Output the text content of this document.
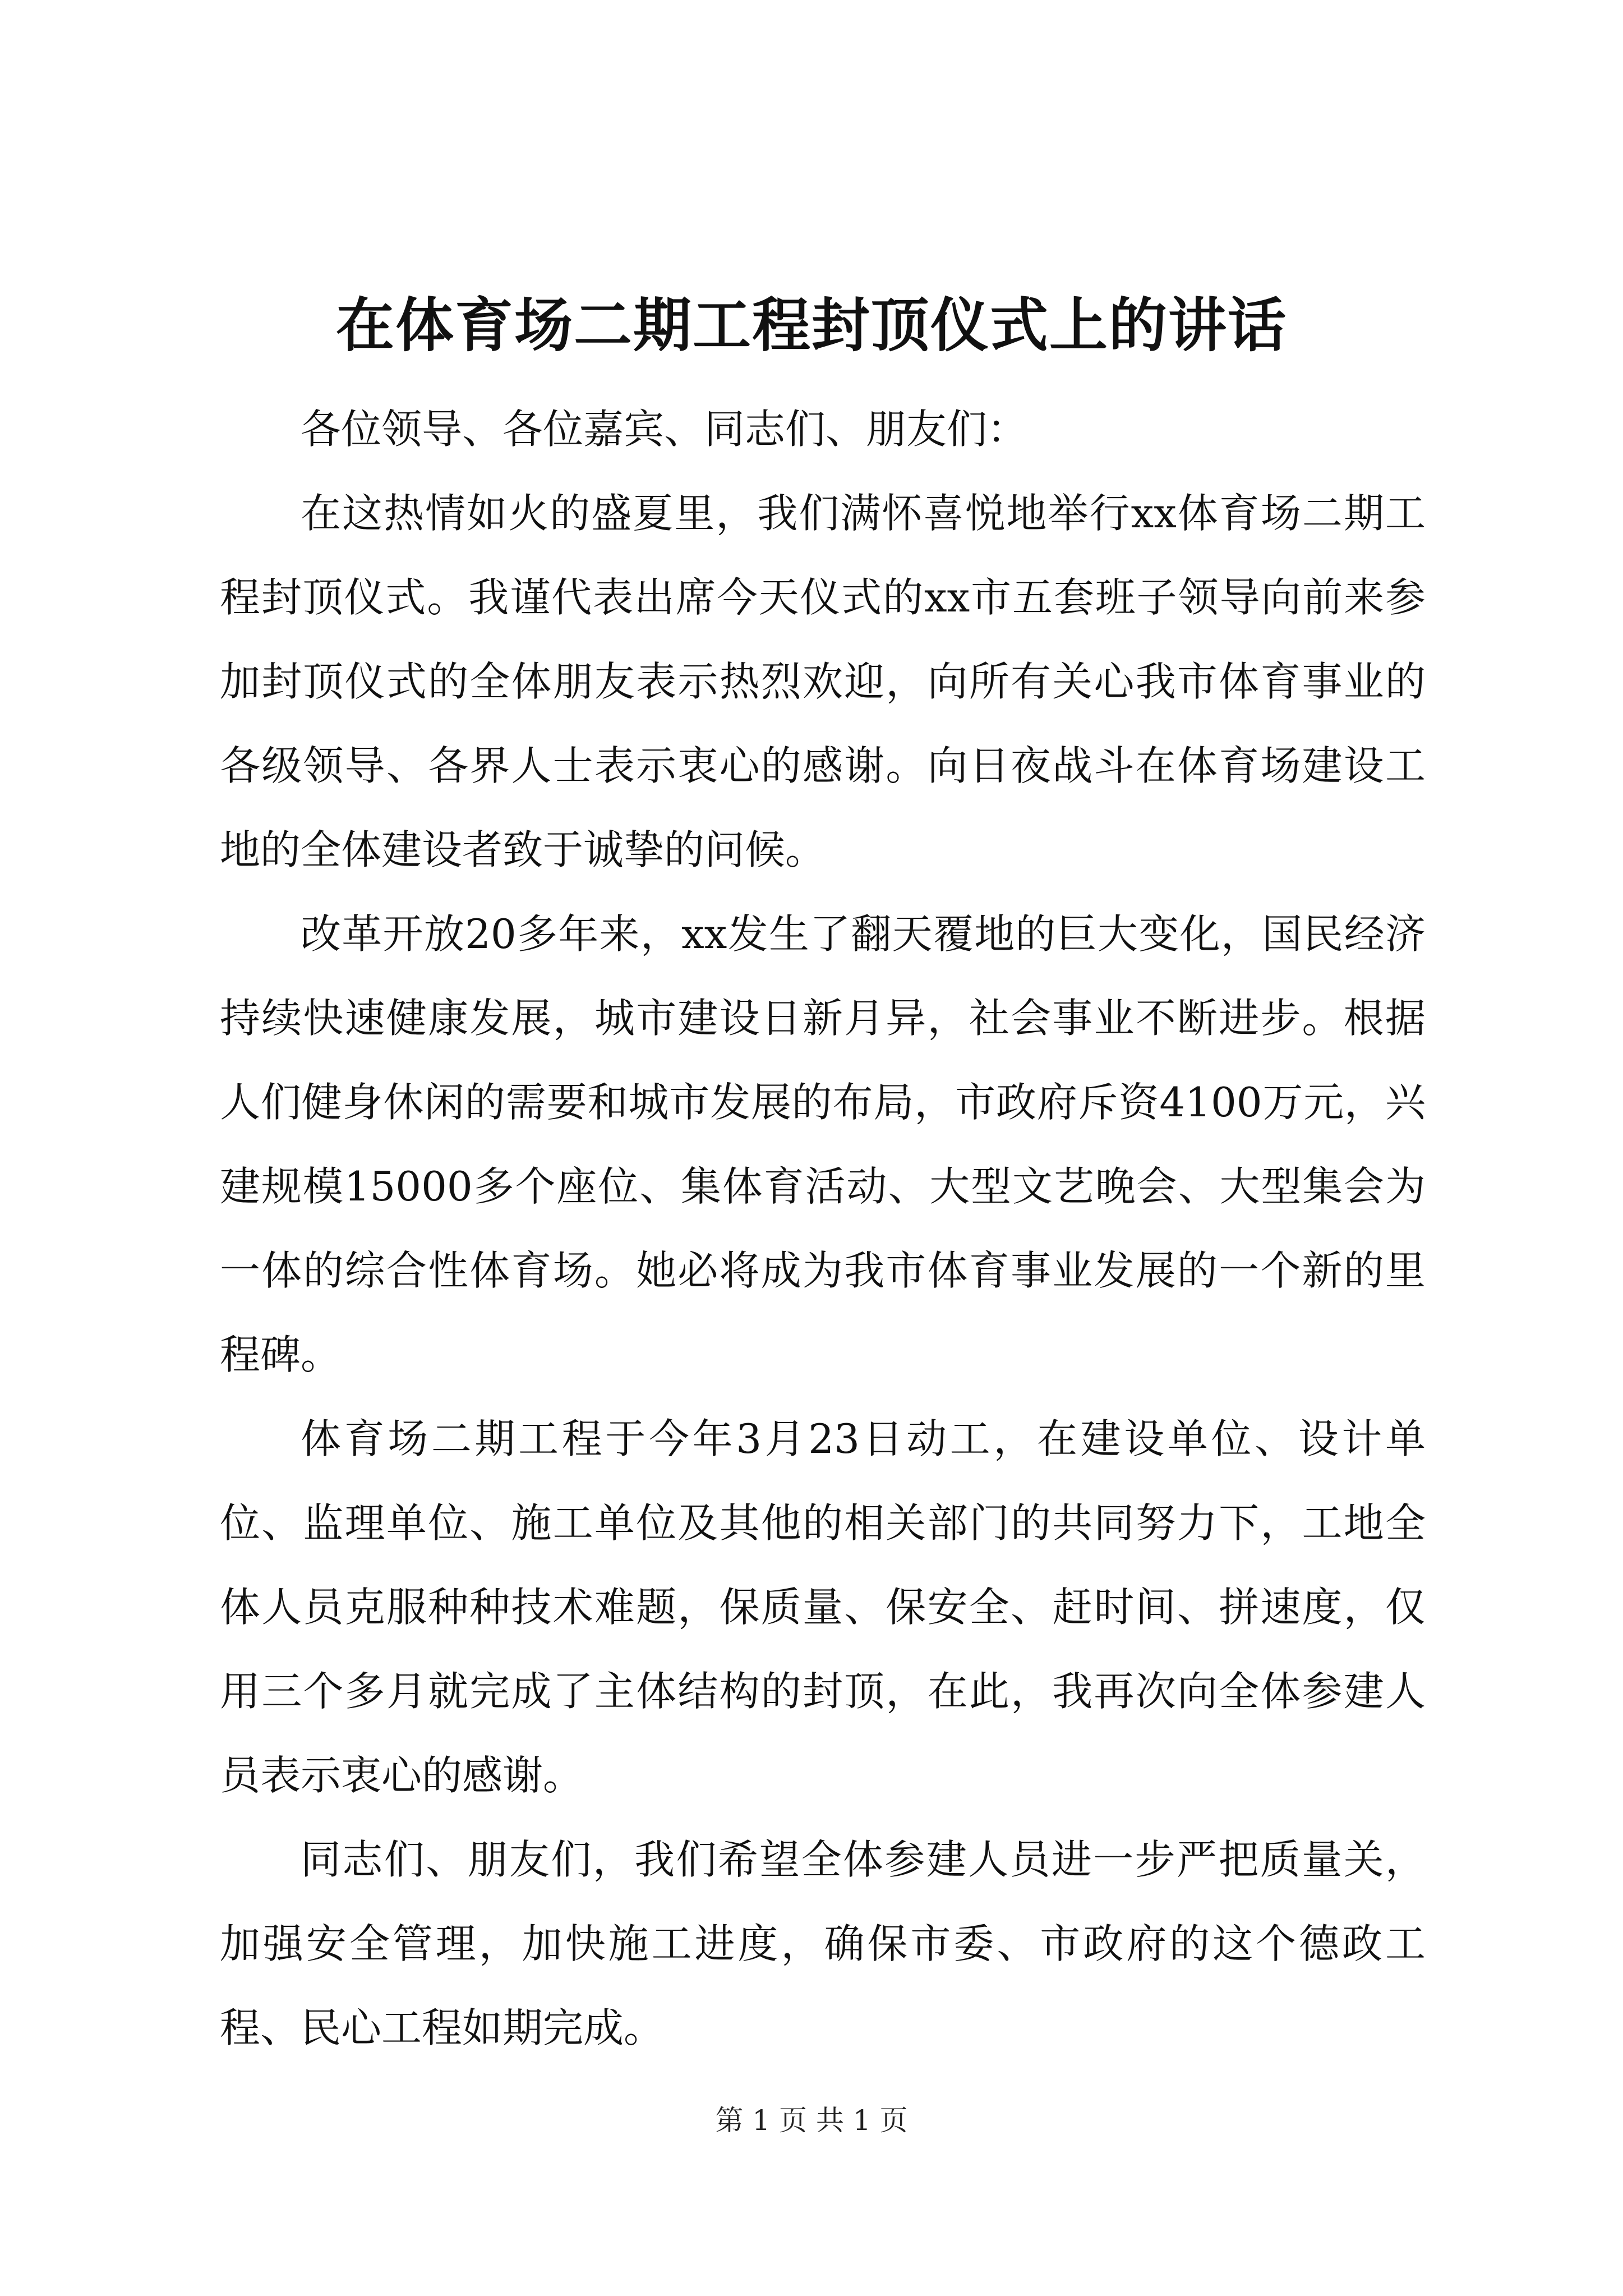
在体育场二期工程封顶仪式上的讲话

各位领导、各位嘉宾、同志们、朋友们：

在这热情如火的盛夏里，我们满怀喜悦地举行xx体育场二期工程封顶仪式。我谨代表出席今天仪式的xx市五套班子领导向前来参加封顶仪式的全体朋友表示热烈欢迎，向所有关心我市体育事业的各级领导、各界人士表示衷心的感谢。向日夜战斗在体育场建设工地的全体建设者致于诚挚的问候。

改革开放20多年来，xx发生了翻天覆地的巨大变化，国民经济持续快速健康发展，城市建设日新月异，社会事业不断进步。根据人们健身休闲的需要和城市发展的布局，市政府斥资4100万元，兴建规模15000多个座位、集体育活动、大型文艺晚会、大型集会为一体的综合性体育场。她必将成为我市体育事业发展的一个新的里程碑。

体育场二期工程于今年3月23日动工，在建设单位、设计单位、监理单位、施工单位及其他的相关部门的共同努力下，工地全体人员克服种种技术难题，保质量、保安全、赶时间、拼速度，仅用三个多月就完成了主体结构的封顶，在此，我再次向全体参建人员表示衷心的感谢。

同志们、朋友们，我们希望全体参建人员进一步严把质量关，加强安全管理，加快施工进度，确保市委、市政府的这个德政工程、民心工程如期完成。

第 1 页 共 1 页
